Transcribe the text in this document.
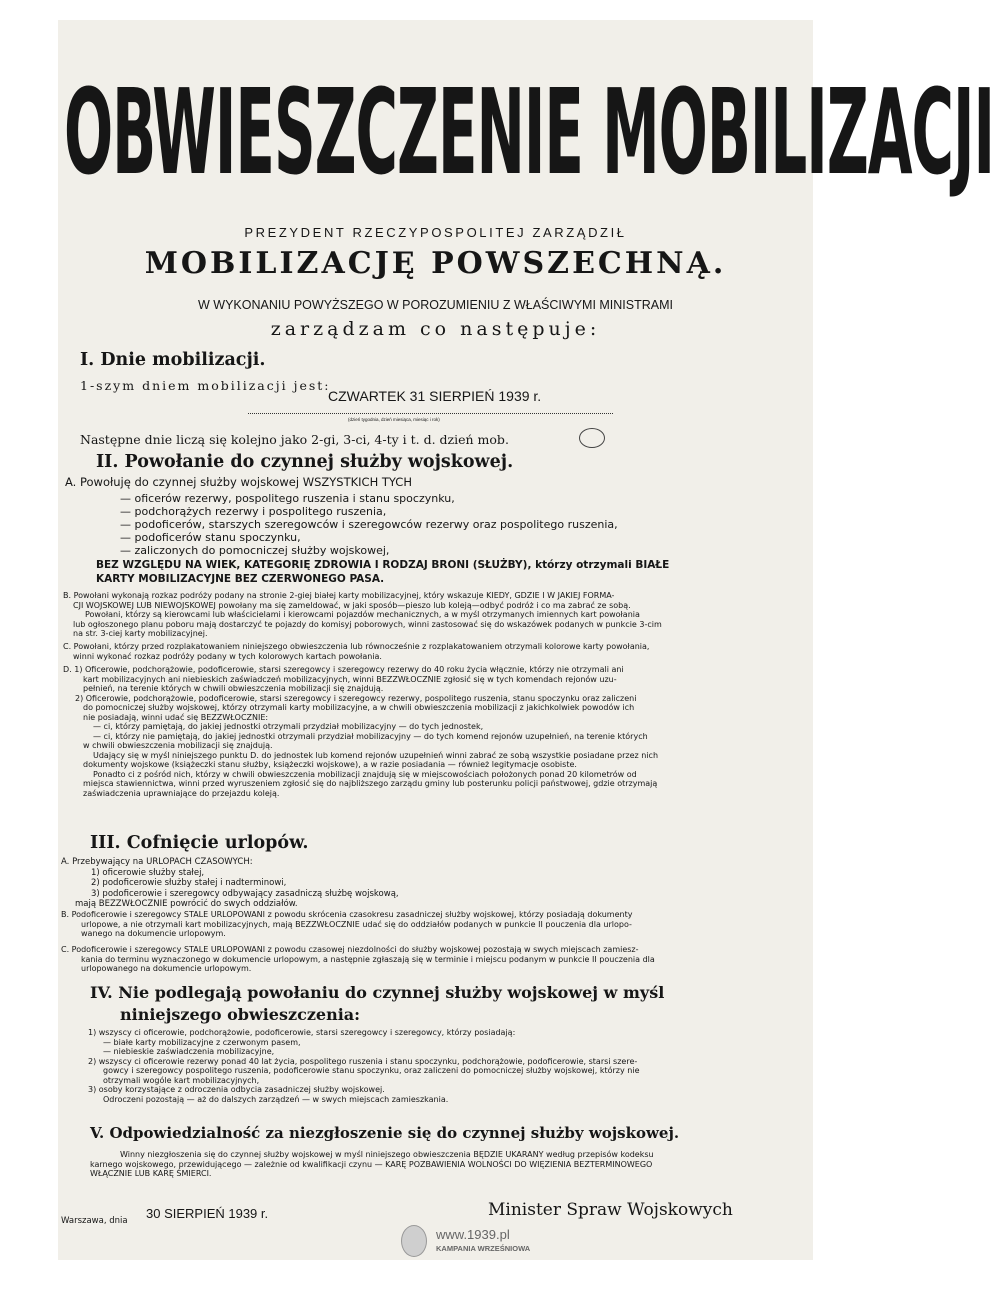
OBWIESZCZENIE MOBILIZACJI
PREZYDENT RZECZYPOSPOLITEJ ZARZĄDZIŁ
MOBILIZACJĘ POWSZECHNĄ.
W WYKONANIU POWYŻSZEGO W POROZUMIENIU Z WŁAŚCIWYMI MINISTRAMI
zarządzam co następuje:
I. Dnie mobilizacji.
1-szym dniem mobilizacji jest:
CZWARTEK 31 SIERPIEŃ 1939 r.
(dzień tygodnia, dzień miesiąca, miesiąc i rok)
Następne dnie liczą się kolejno jako 2-gi, 3-ci, 4-ty i t. d. dzień mob.
II. Powołanie do czynnej służby wojskowej.
A. Powołuję do czynnej służby wojskowej WSZYSTKICH TYCH
— oficerów rezerwy, pospolitego ruszenia i stanu spoczynku,
— podchorążych rezerwy i pospolitego ruszenia,
— podoficerów, starszych szeregowców i szeregowców rezerwy oraz pospolitego ruszenia,
— podoficerów stanu spoczynku,
— zaliczonych do pomocniczej służby wojskowej,
BEZ WZGLĘDU NA WIEK, KATEGORIĘ ZDROWIA I RODZAJ BRONI (SŁUŻBY), którzy otrzymali BIAŁE
KARTY MOBILIZACYJNE BEZ CZERWONEGO PASA.
B. Powołani wykonają rozkaz podróży podany na stronie 2-giej białej karty mobilizacyjnej, który wskazuje KIEDY, GDZIE I W JAKIEJ FORMA-
CJI WOJSKOWEJ LUB NIEWOJSKOWEJ powołany ma się zameldować, w jaki sposób—pieszo lub koleją—odbyć podróż i co ma zabrać ze sobą.
Powołani, którzy są kierowcami lub właścicielami i kierowcami pojazdów mechanicznych, a w myśl otrzymanych imiennych kart powołania
lub ogłoszonego planu poboru mają dostarczyć te pojazdy do komisyj poborowych, winni zastosować się do wskazówek podanych w punkcie 3-cim
na str. 3-ciej karty mobilizacyjnej.
C. Powołani, którzy przed rozplakatowaniem niniejszego obwieszczenia lub równocześnie z rozplakatowaniem otrzymali kolorowe karty powołania,
winni wykonać rozkaz podróży podany w tych kolorowych kartach powołania.
D. 1) Oficerowie, podchorążowie, podoficerowie, starsi szeregowcy i szeregowcy rezerwy do 40 roku życia włącznie, którzy nie otrzymali ani
kart mobilizacyjnych ani niebieskich zaświadczeń mobilizacyjnych, winni BEZZWŁOCZNIE zgłosić się w tych komendach rejonów uzu-
pełnień, na terenie których w chwili obwieszczenia mobilizacji się znajdują.
2) Oficerowie, podchorążowie, podoficerowie, starsi szeregowcy i szeregowcy rezerwy, pospolitego ruszenia, stanu spoczynku oraz zaliczeni
do pomocniczej służby wojskowej, którzy otrzymali karty mobilizacyjne, a w chwili obwieszczenia mobilizacji z jakichkolwiek powodów ich
nie posiadają, winni udać się BEZZWŁOCZNIE:
— ci, którzy pamiętają, do jakiej jednostki otrzymali przydział mobilizacyjny — do tych jednostek,
— ci, którzy nie pamiętają, do jakiej jednostki otrzymali przydział mobilizacyjny — do tych komend rejonów uzupełnień, na terenie których
w chwili obwieszczenia mobilizacji się znajdują.
Udający się w myśl niniejszego punktu D. do jednostek lub komend rejonów uzupełnień winni zabrać ze sobą wszystkie posiadane przez nich
dokumenty wojskowe (książeczki stanu służby, książeczki wojskowe), a w razie posiadania — również legitymacje osobiste.
Ponadto ci z pośród nich, którzy w chwili obwieszczenia mobilizacji znajdują się w miejscowościach położonych ponad 20 kilometrów od
miejsca stawiennictwa, winni przed wyruszeniem zgłosić się do najbliższego zarządu gminy lub posterunku policji państwowej, gdzie otrzymają
zaświadczenia uprawniające do przejazdu koleją.
III. Cofnięcie urlopów.
A. Przebywający na URLOPACH CZASOWYCH:
1) oficerowie służby stałej,
2) podoficerowie służby stałej i nadterminowi,
3) podoficerowie i szeregowcy odbywający zasadniczą służbę wojskową,
mają BEZZWŁOCZNIE powrócić do swych oddziałów.
B. Podoficerowie i szeregowcy STALE URLOPOWANI z powodu skrócenia czasokresu zasadniczej służby wojskowej, którzy posiadają dokumenty
urlopowe, a nie otrzymali kart mobilizacyjnych, mają BEZZWŁOCZNIE udać się do oddziałów podanych w punkcie II pouczenia dla urlopo-
wanego na dokumencie urlopowym.
C. Podoficerowie i szeregowcy STALE URLOPOWANI z powodu czasowej niezdolności do służby wojskowej pozostają w swych miejscach zamiesz-
kania do terminu wyznaczonego w dokumencie urlopowym, a następnie zgłaszają się w terminie i miejscu podanym w punkcie II pouczenia dla
urlopowanego na dokumencie urlopowym.
IV. Nie podlegają powołaniu do czynnej służby wojskowej w myśl
niniejszego obwieszczenia:
1) wszyscy ci oficerowie, podchorążowie, podoficerowie, starsi szeregowcy i szeregowcy, którzy posiadają:
— białe karty mobilizacyjne z czerwonym pasem,
— niebieskie zaświadczenia mobilizacyjne,
2) wszyscy ci oficerowie rezerwy ponad 40 lat życia, pospolitego ruszenia i stanu spoczynku, podchorążowie, podoficerowie, starsi szere-
gowcy i szeregowcy pospolitego ruszenia, podoficerowie stanu spoczynku, oraz zaliczeni do pomocniczej służby wojskowej, którzy nie
otrzymali wogóle kart mobilizacyjnych,
3) osoby korzystające z odroczenia odbycia zasadniczej służby wojskowej.
Odroczeni pozostają — aż do dalszych zarządzeń — w swych miejscach zamieszkania.
V. Odpowiedzialność za niezgłoszenie się do czynnej służby wojskowej.
Winny niezgłoszenia się do czynnej służby wojskowej w myśl niniejszego obwieszczenia BĘDZIE UKARANY według przepisów kodeksu
karnego wojskowego, przewidującego — zależnie od kwalifikacji czynu — KARĘ POZBAWIENIA WOLNOŚCI DO WIĘZIENIA BEZTERMINOWEGO
WŁĄCZNIE LUB KARĘ ŚMIERCI.
Warszawa, dnia 30 SIERPIEŃ 1939 r.	Minister Spraw Wojskowych
www.1939.pl
KAMPANIA WRZEŚNIOWA
